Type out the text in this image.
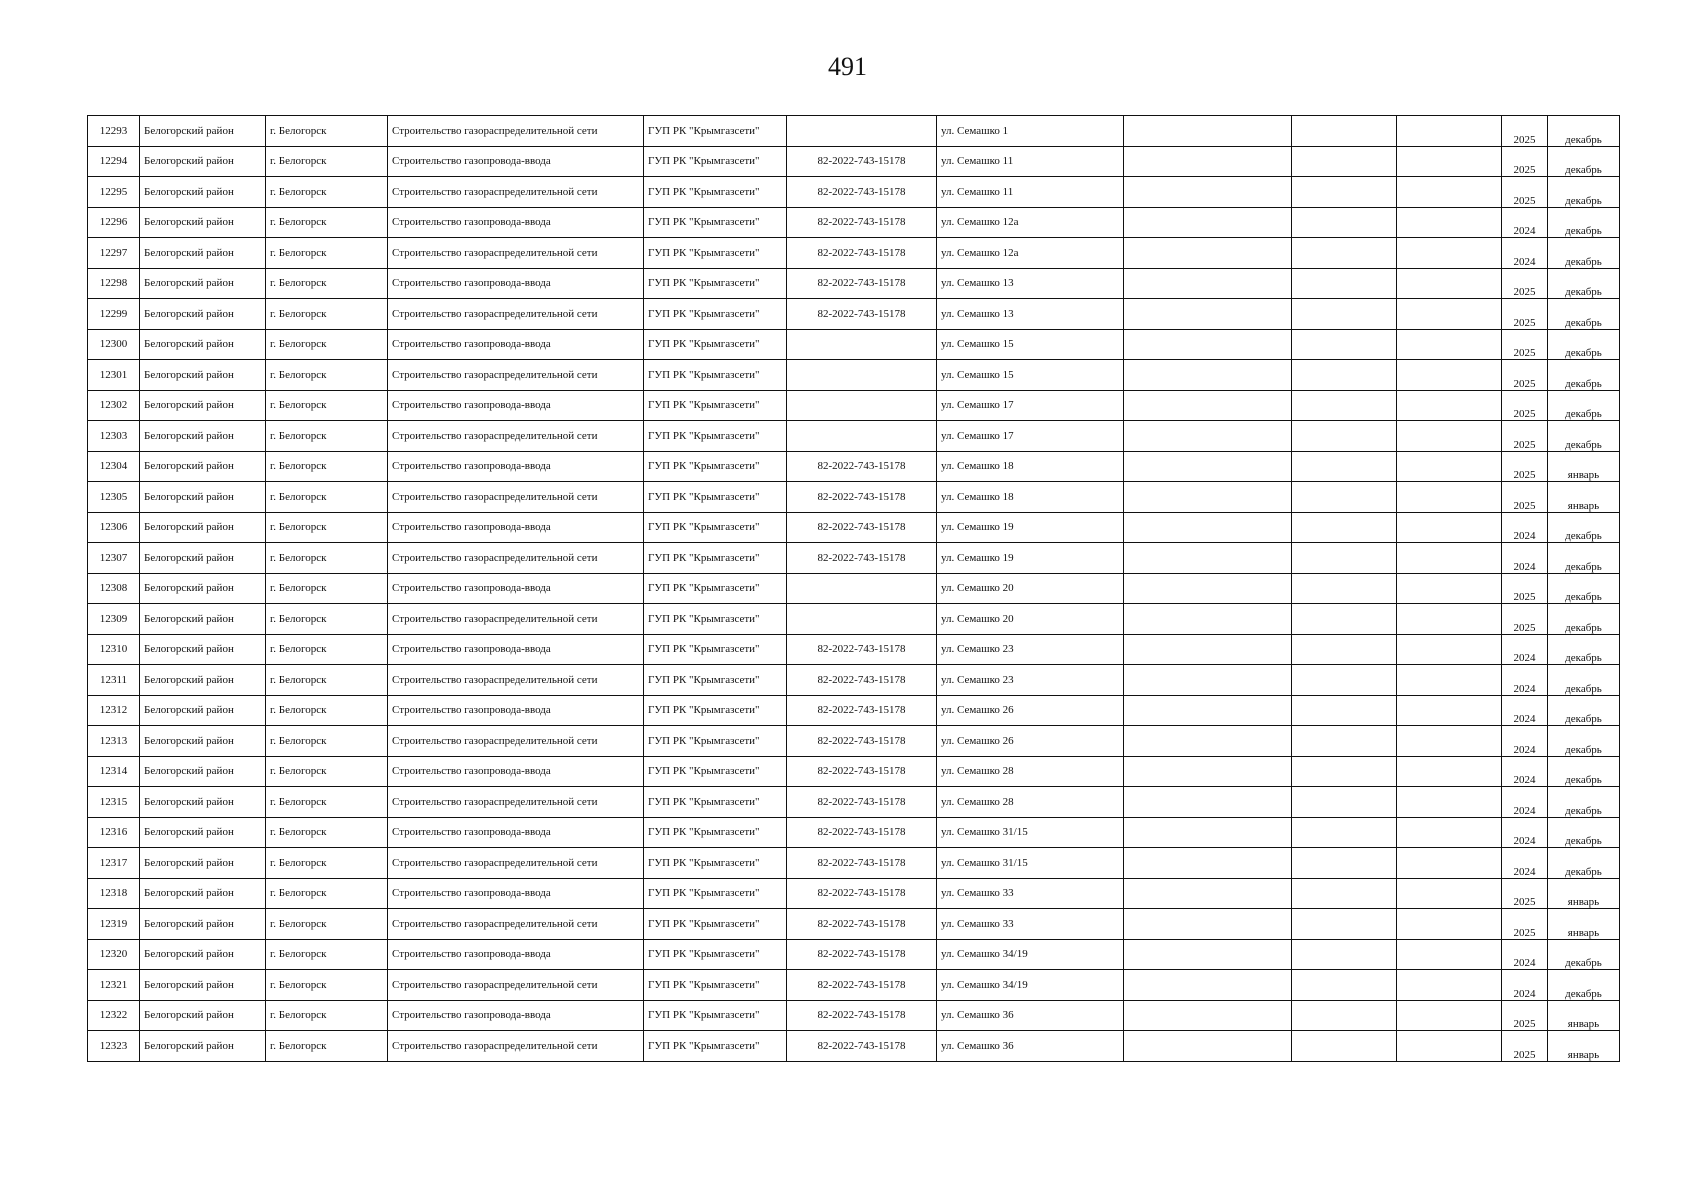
491
12293	Белогорский район	г. Белогорск	Строительство газораспределительной сети	ГУП РК "Крымгазсети"		ул. Семашко 1				2025	декабрь
12294	Белогорский район	г. Белогорск	Строительство газопровода-ввода	ГУП РК "Крымгазсети"	82-2022-743-15178	ул. Семашко 11				2025	декабрь
12295	Белогорский район	г. Белогорск	Строительство газораспределительной сети	ГУП РК "Крымгазсети"	82-2022-743-15178	ул. Семашко 11				2025	декабрь
12296	Белогорский район	г. Белогорск	Строительство газопровода-ввода	ГУП РК "Крымгазсети"	82-2022-743-15178	ул. Семашко 12а				2024	декабрь
12297	Белогорский район	г. Белогорск	Строительство газораспределительной сети	ГУП РК "Крымгазсети"	82-2022-743-15178	ул. Семашко 12а				2024	декабрь
12298	Белогорский район	г. Белогорск	Строительство газопровода-ввода	ГУП РК "Крымгазсети"	82-2022-743-15178	ул. Семашко 13				2025	декабрь
12299	Белогорский район	г. Белогорск	Строительство газораспределительной сети	ГУП РК "Крымгазсети"	82-2022-743-15178	ул. Семашко 13				2025	декабрь
12300	Белогорский район	г. Белогорск	Строительство газопровода-ввода	ГУП РК "Крымгазсети"		ул. Семашко 15				2025	декабрь
12301	Белогорский район	г. Белогорск	Строительство газораспределительной сети	ГУП РК "Крымгазсети"		ул. Семашко 15				2025	декабрь
12302	Белогорский район	г. Белогорск	Строительство газопровода-ввода	ГУП РК "Крымгазсети"		ул. Семашко 17				2025	декабрь
12303	Белогорский район	г. Белогорск	Строительство газораспределительной сети	ГУП РК "Крымгазсети"		ул. Семашко 17				2025	декабрь
12304	Белогорский район	г. Белогорск	Строительство газопровода-ввода	ГУП РК "Крымгазсети"	82-2022-743-15178	ул. Семашко 18				2025	январь
12305	Белогорский район	г. Белогорск	Строительство газораспределительной сети	ГУП РК "Крымгазсети"	82-2022-743-15178	ул. Семашко 18				2025	январь
12306	Белогорский район	г. Белогорск	Строительство газопровода-ввода	ГУП РК "Крымгазсети"	82-2022-743-15178	ул. Семашко 19				2024	декабрь
12307	Белогорский район	г. Белогорск	Строительство газораспределительной сети	ГУП РК "Крымгазсети"	82-2022-743-15178	ул. Семашко 19				2024	декабрь
12308	Белогорский район	г. Белогорск	Строительство газопровода-ввода	ГУП РК "Крымгазсети"		ул. Семашко 20				2025	декабрь
12309	Белогорский район	г. Белогорск	Строительство газораспределительной сети	ГУП РК "Крымгазсети"		ул. Семашко 20				2025	декабрь
12310	Белогорский район	г. Белогорск	Строительство газопровода-ввода	ГУП РК "Крымгазсети"	82-2022-743-15178	ул. Семашко 23				2024	декабрь
12311	Белогорский район	г. Белогорск	Строительство газораспределительной сети	ГУП РК "Крымгазсети"	82-2022-743-15178	ул. Семашко 23				2024	декабрь
12312	Белогорский район	г. Белогорск	Строительство газопровода-ввода	ГУП РК "Крымгазсети"	82-2022-743-15178	ул. Семашко 26				2024	декабрь
12313	Белогорский район	г. Белогорск	Строительство газораспределительной сети	ГУП РК "Крымгазсети"	82-2022-743-15178	ул. Семашко 26				2024	декабрь
12314	Белогорский район	г. Белогорск	Строительство газопровода-ввода	ГУП РК "Крымгазсети"	82-2022-743-15178	ул. Семашко 28				2024	декабрь
12315	Белогорский район	г. Белогорск	Строительство газораспределительной сети	ГУП РК "Крымгазсети"	82-2022-743-15178	ул. Семашко 28				2024	декабрь
12316	Белогорский район	г. Белогорск	Строительство газопровода-ввода	ГУП РК "Крымгазсети"	82-2022-743-15178	ул. Семашко 31/15				2024	декабрь
12317	Белогорский район	г. Белогорск	Строительство газораспределительной сети	ГУП РК "Крымгазсети"	82-2022-743-15178	ул. Семашко 31/15				2024	декабрь
12318	Белогорский район	г. Белогорск	Строительство газопровода-ввода	ГУП РК "Крымгазсети"	82-2022-743-15178	ул. Семашко 33				2025	январь
12319	Белогорский район	г. Белогорск	Строительство газораспределительной сети	ГУП РК "Крымгазсети"	82-2022-743-15178	ул. Семашко 33				2025	январь
12320	Белогорский район	г. Белогорск	Строительство газопровода-ввода	ГУП РК "Крымгазсети"	82-2022-743-15178	ул. Семашко 34/19				2024	декабрь
12321	Белогорский район	г. Белогорск	Строительство газораспределительной сети	ГУП РК "Крымгазсети"	82-2022-743-15178	ул. Семашко 34/19				2024	декабрь
12322	Белогорский район	г. Белогорск	Строительство газопровода-ввода	ГУП РК "Крымгазсети"	82-2022-743-15178	ул. Семашко 36				2025	январь
12323	Белогорский район	г. Белогорск	Строительство газораспределительной сети	ГУП РК "Крымгазсети"	82-2022-743-15178	ул. Семашко 36				2025	январь
